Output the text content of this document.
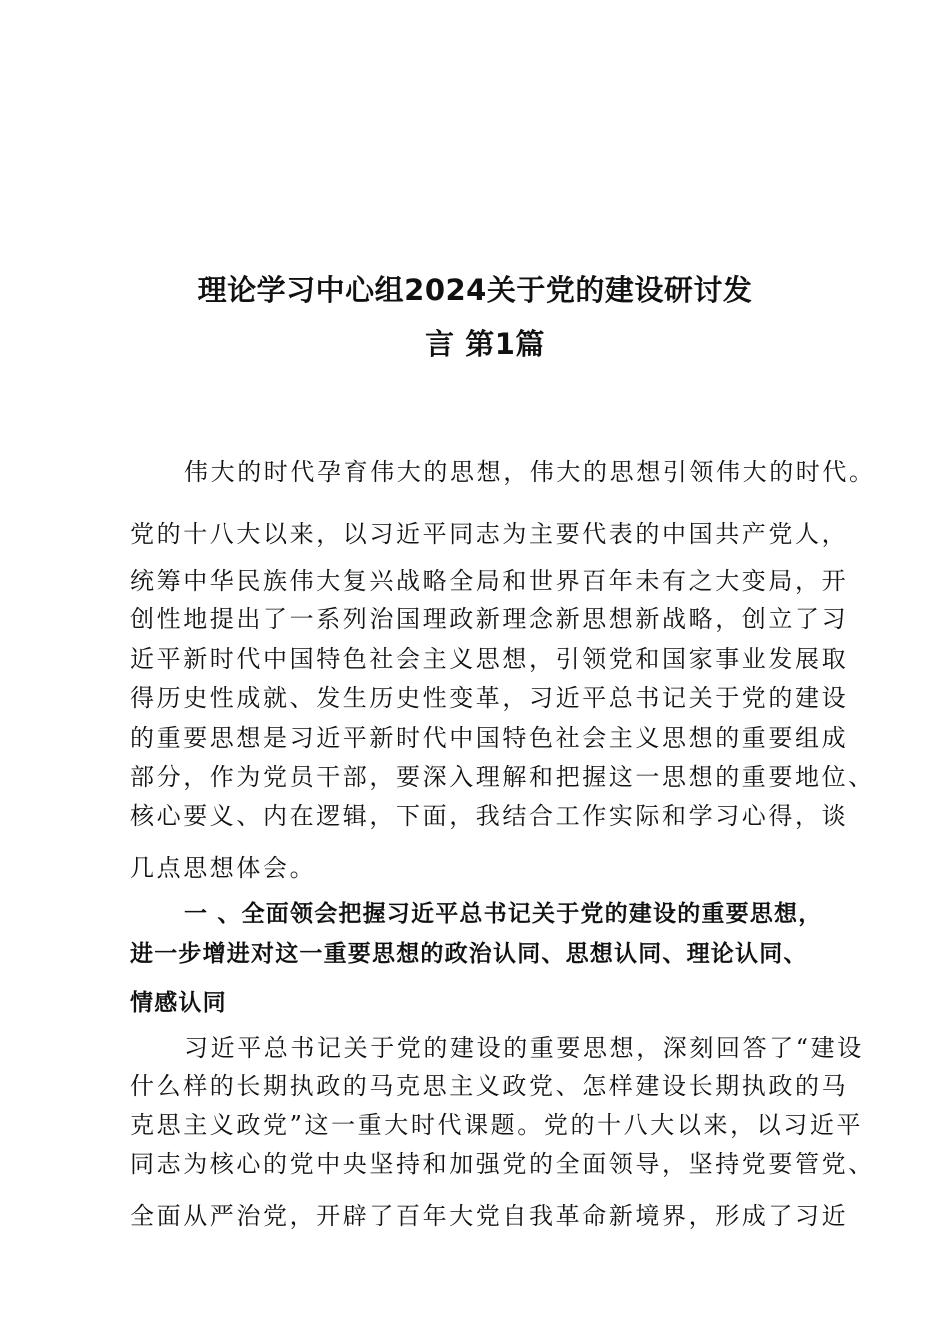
理论学习中心组2024关于党的建设研讨发
言 第1篇
伟大的时代孕育伟大的思想，伟大的思想引领伟大的时代。
党的十八大以来，以习近平同志为主要代表的中国共产党人，
统筹中华民族伟大复兴战略全局和世界百年未有之大变局，开
创性地提出了一系列治国理政新理念新思想新战略，创立了习
近平新时代中国特色社会主义思想，引领党和国家事业发展取
得历史性成就、发生历史性变革，习近平总书记关于党的建设
的重要思想是习近平新时代中国特色社会主义思想的重要组成
部分，作为党员干部，要深入理解和把握这一思想的重要地位、
核心要义、内在逻辑，下面，我结合工作实际和学习心得，谈
几点思想体会。
一 、全面领会把握习近平总书记关于党的建设的重要思想，
进一步增进对这一重要思想的政治认同、思想认同、理论认同、
情感认同
习近平总书记关于党的建设的重要思想，深刻回答了“建设
什么样的长期执政的马克思主义政党、怎样建设长期执政的马
克思主义政党”这一重大时代课题。党的十八大以来，以习近平
同志为核心的党中央坚持和加强党的全面领导，坚持党要管党、
全面从严治党，开辟了百年大党自我革命新境界，形成了习近
